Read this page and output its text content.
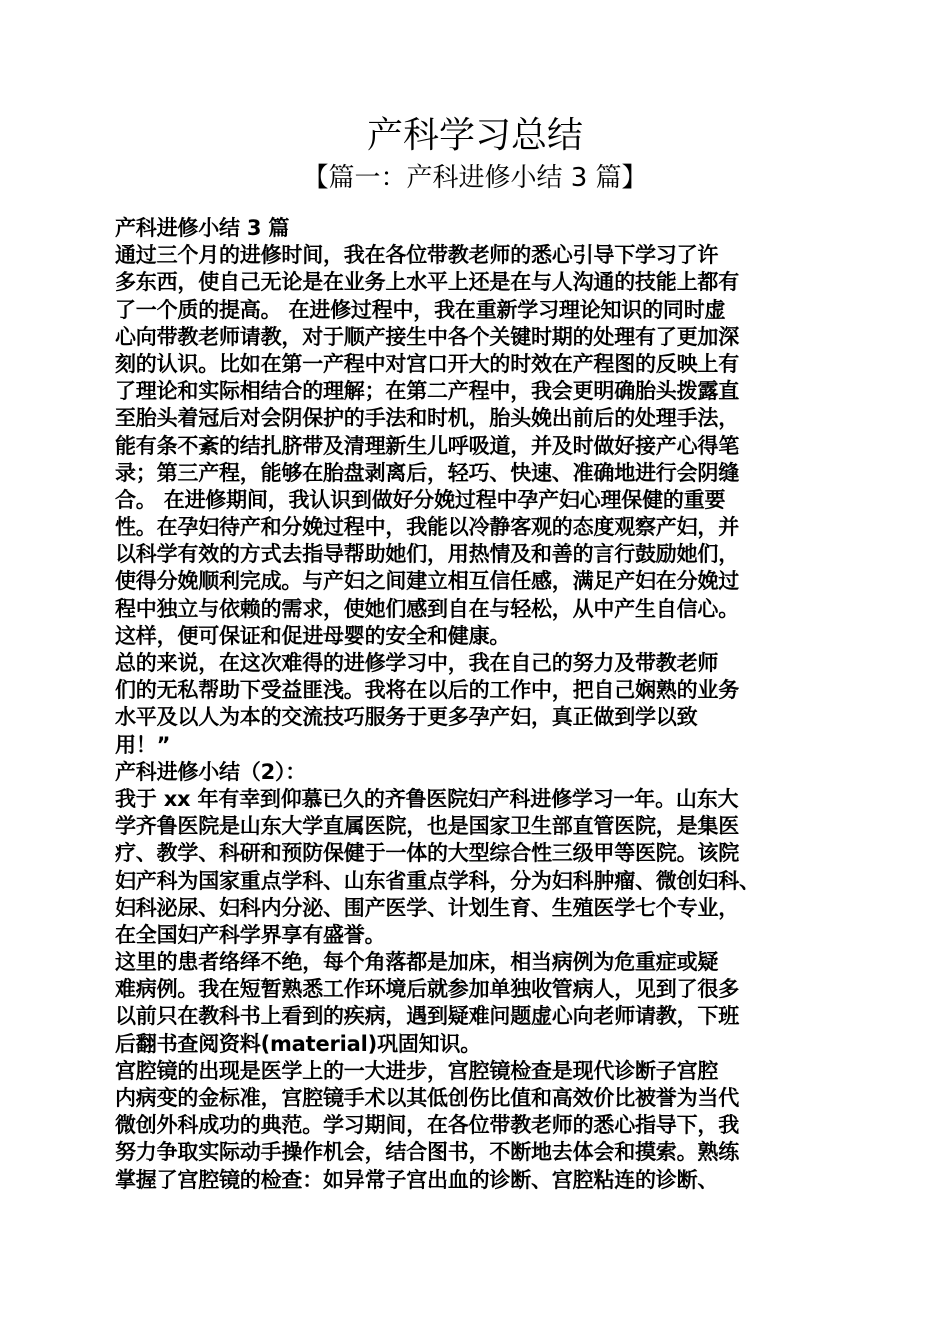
产科学习总结
【篇一：产科进修小结 3 篇】
产科进修小结 3 篇
通过三个月的进修时间，我在各位带教老师的悉心引导下学习了许
多东西，使自己无论是在业务上水平上还是在与人沟通的技能上都有
了一个质的提高。 在进修过程中，我在重新学习理论知识的同时虚
心向带教老师请教，对于顺产接生中各个关键时期的处理有了更加深
刻的认识。比如在第一产程中对宫口开大的时效在产程图的反映上有
了理论和实际相结合的理解；在第二产程中，我会更明确胎头拨露直
至胎头着冠后对会阴保护的手法和时机，胎头娩出前后的处理手法，
能有条不紊的结扎脐带及清理新生儿呼吸道，并及时做好接产心得笔
录；第三产程，能够在胎盘剥离后，轻巧、快速、准确地进行会阴缝
合。 在进修期间，我认识到做好分娩过程中孕产妇心理保健的重要
性。在孕妇待产和分娩过程中，我能以冷静客观的态度观察产妇，并
以科学有效的方式去指导帮助她们，用热情及和善的言行鼓励她们，
使得分娩顺利完成。与产妇之间建立相互信任感，满足产妇在分娩过
程中独立与依赖的需求，使她们感到自在与轻松，从中产生自信心。
这样，便可保证和促进母婴的安全和健康。
总的来说，在这次难得的进修学习中，我在自己的努力及带教老师
们的无私帮助下受益匪浅。我将在以后的工作中，把自己娴熟的业务
水平及以人为本的交流技巧服务于更多孕产妇，真正做到学以致
用！”
产科进修小结（2）：
我于 xx 年有幸到仰慕已久的齐鲁医院妇产科进修学习一年。山东大
学齐鲁医院是山东大学直属医院，也是国家卫生部直管医院，是集医
疗、教学、科研和预防保健于一体的大型综合性三级甲等医院。该院
妇产科为国家重点学科、山东省重点学科，分为妇科肿瘤、微创妇科、
妇科泌尿、妇科内分泌、围产医学、计划生育、生殖医学七个专业，
在全国妇产科学界享有盛誉。
这里的患者络绎不绝，每个角落都是加床，相当病例为危重症或疑
难病例。我在短暂熟悉工作环境后就参加单独收管病人，见到了很多
以前只在教科书上看到的疾病，遇到疑难问题虚心向老师请教，下班
后翻书查阅资料(material)巩固知识。
宫腔镜的出现是医学上的一大进步，宫腔镜检查是现代诊断子宫腔
内病变的金标准，宫腔镜手术以其低创伤比值和高效价比被誉为当代
微创外科成功的典范。学习期间，在各位带教老师的悉心指导下，我
努力争取实际动手操作机会，结合图书，不断地去体会和摸索。熟练
掌握了宫腔镜的检查：如异常子宫出血的诊断、宫腔粘连的诊断、
